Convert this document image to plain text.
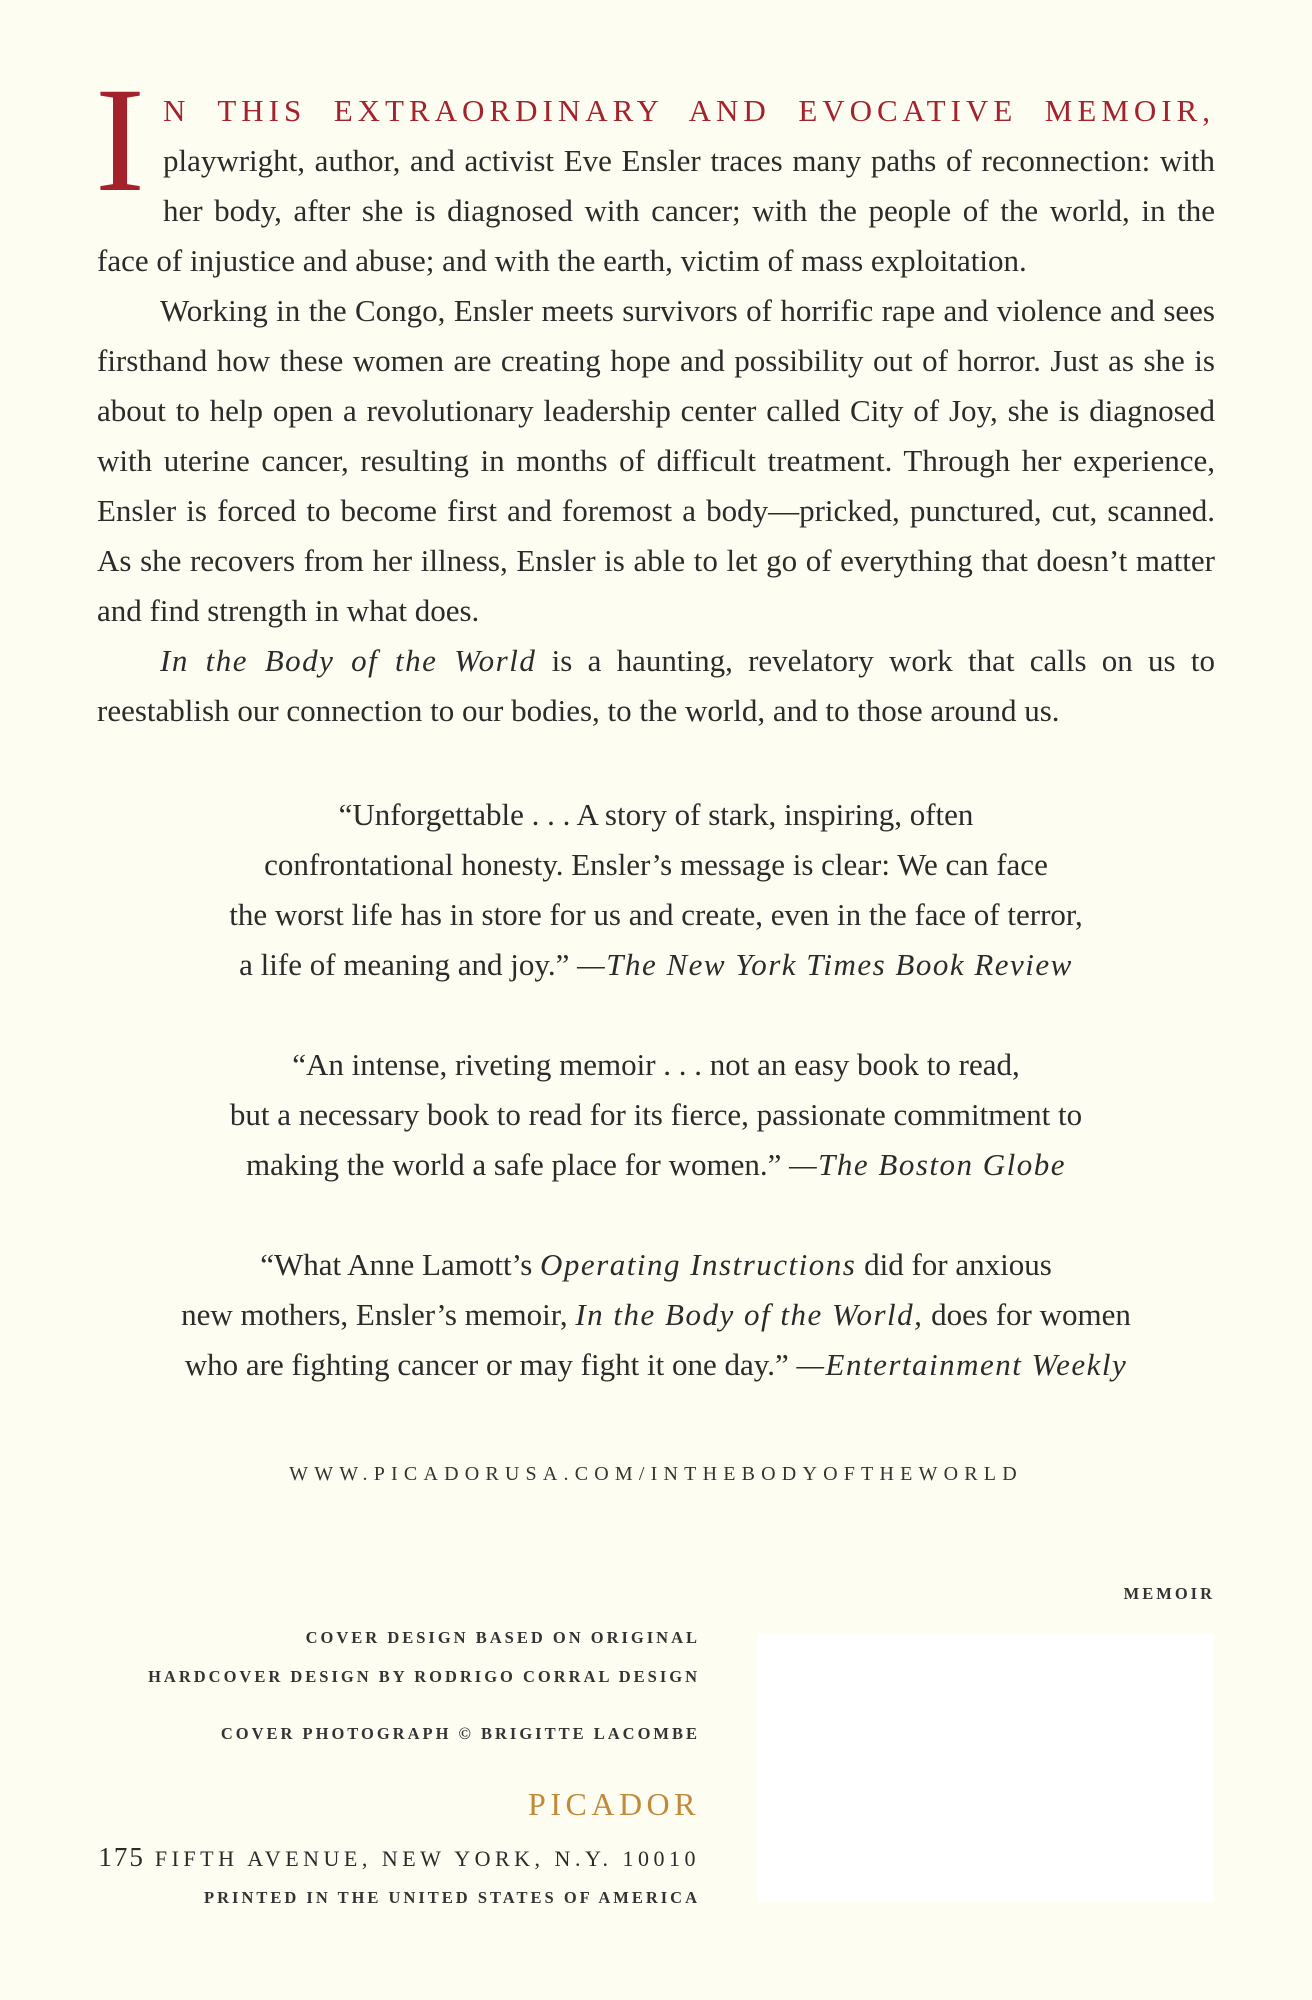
I N THIS EXTRAORDINARY AND EVOCATIVE MEMOIR, playwright, author, and activist Eve Ensler traces many paths of reconnection: with her body, after she is diagnosed with cancer; with the people of the world, in the face of injustice and abuse; and with the earth, victim of mass exploitation.

Working in the Congo, Ensler meets survivors of horrific rape and violence and sees firsthand how these women are creating hope and possibility out of horror. Just as she is about to help open a revolutionary leadership center called City of Joy, she is diagnosed with uterine cancer, resulting in months of difficult treatment. Through her experience, Ensler is forced to become first and foremost a body—pricked, punctured, cut, scanned. As she recovers from her illness, Ensler is able to let go of everything that doesn’t matter and find strength in what does.

In the Body of the World is a haunting, revelatory work that calls on us to reestablish our connection to our bodies, to the world, and to those around us.

“Unforgettable . . . A story of stark, inspiring, often
confrontational honesty. Ensler’s message is clear: We can face
the worst life has in store for us and create, even in the face of terror,
a life of meaning and joy.” —The New York Times Book Review
“An intense, riveting memoir . . . not an easy book to read,
but a necessary book to read for its fierce, passionate commitment to
making the world a safe place for women.” —The Boston Globe
“What Anne Lamott’s Operating Instructions did for anxious
new mothers, Ensler’s memoir, In the Body of the World, does for women
who are fighting cancer or may fight it one day.” —Entertainment Weekly
WWW.PICADORUSA.COM/INTHEBODYOFTHEWORLD
MEMOIR
COVER DESIGN BASED ON ORIGINAL
HARDCOVER DESIGN BY RODRIGO CORRAL DESIGN
COVER PHOTOGRAPH © BRIGITTE LACOMBE
PICADOR
175 FIFTH AVENUE, NEW YORK, N.Y. 10010
PRINTED IN THE UNITED STATES OF AMERICA
